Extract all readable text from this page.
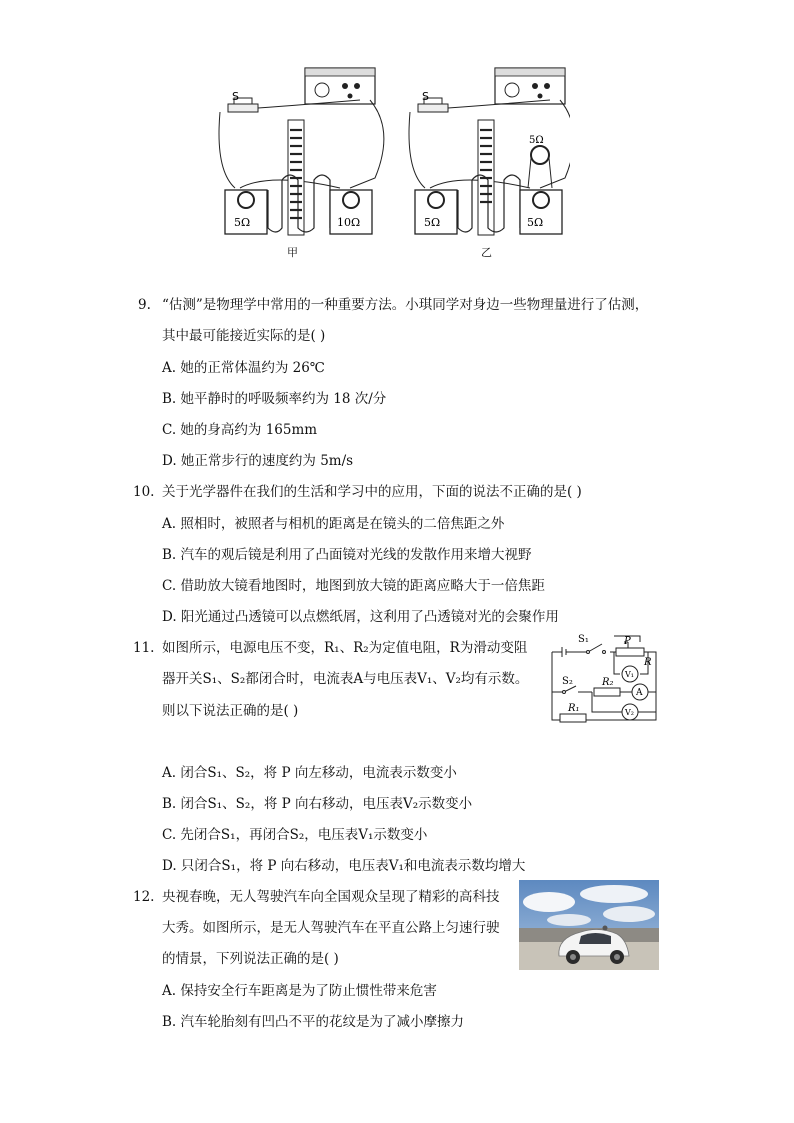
S
5Ω	10Ω
S
5Ω
5Ω	5Ω
甲	乙
9. “估测”是物理学中常用的一种重要方法。小琪同学对身边一些物理量进行了估测，
其中最可能接近实际的是( )
A. 她的正常体温约为 26℃
B. 她平静时的呼吸频率约为 18 次/分
C. 她的身高约为 165mm
D. 她正常步行的速度约为 5m/s
10. 关于光学器件在我们的生活和学习中的应用，下面的说法不正确的是( )
A. 照相时，被照者与相机的距离是在镜头的二倍焦距之外
B. 汽车的观后镜是利用了凸面镜对光线的发散作用来增大视野
C. 借助放大镜看地图时，地图到放大镜的距离应略大于一倍焦距
D. 阳光通过凸透镜可以点燃纸屑，这利用了凸透镜对光的会聚作用
11. 如图所示，电源电压不变，R₁、R₂为定值电阻，R为滑动变阻
器开关S₁、S₂都闭合时，电流表A与电压表V₁、V₂均有示数。
则以下说法正确的是( )
S₁	P
R
V₁
S₂
R₁
R₂
A
V₂
A. 闭合S₁、S₂，将 P 向左移动，电流表示数变小
B. 闭合S₁、S₂，将 P 向右移动，电压表V₂示数变小
C. 先闭合S₁，再闭合S₂，电压表V₁示数变小
D. 只闭合S₁，将 P 向右移动，电压表V₁和电流表示数均增大
12. 央视春晚，无人驾驶汽车向全国观众呈现了精彩的高科技
大秀。如图所示，是无人驾驶汽车在平直公路上匀速行驶
的情景，下列说法正确的是( )
A. 保持安全行车距离是为了防止惯性带来危害
B. 汽车轮胎刻有凹凸不平的花纹是为了减小摩擦力
